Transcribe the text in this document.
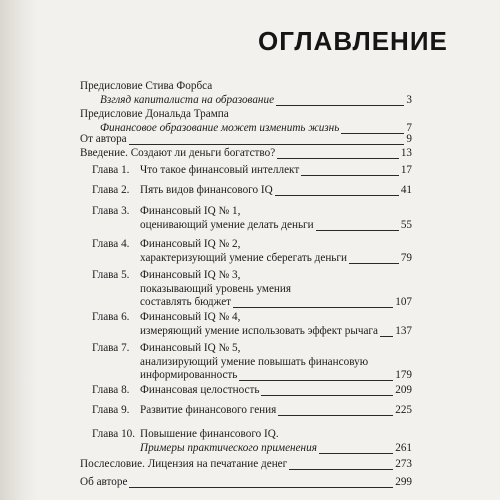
ОГЛАВЛЕНИЕ
Предисловие Стива Форбса
Взгляд капиталиста на образование	3
Предисловие Дональда Трампа
Финансовое образование может изменить жизнь	7
От автора	9
Введение. Создают ли деньги богатство?	13
Глава 1. Что такое финансовый интеллект	17
Глава 2. Пять видов финансового IQ	41
Глава 3. Финансовый IQ № 1,
оценивающий умение делать деньги	55
Глава 4. Финансовый IQ № 2,
характеризующий умение сберегать деньги	79
Глава 5. Финансовый IQ № 3,
показывающий уровень умения
составлять бюджет	107
Глава 6. Финансовый IQ № 4,
измеряющий умение использовать эффект рычага 137
Глава 7. Финансовый IQ № 5,
анализирующий умение повышать финансовую
информированность	179
Глава 8. Финансовая целостность	209
Глава 9. Развитие финансового гения	225
Глава 10. Повышение финансового IQ.
Примеры практического применения	261
Послесловие. Лицензия на печатание денег	273
Об авторе	299
